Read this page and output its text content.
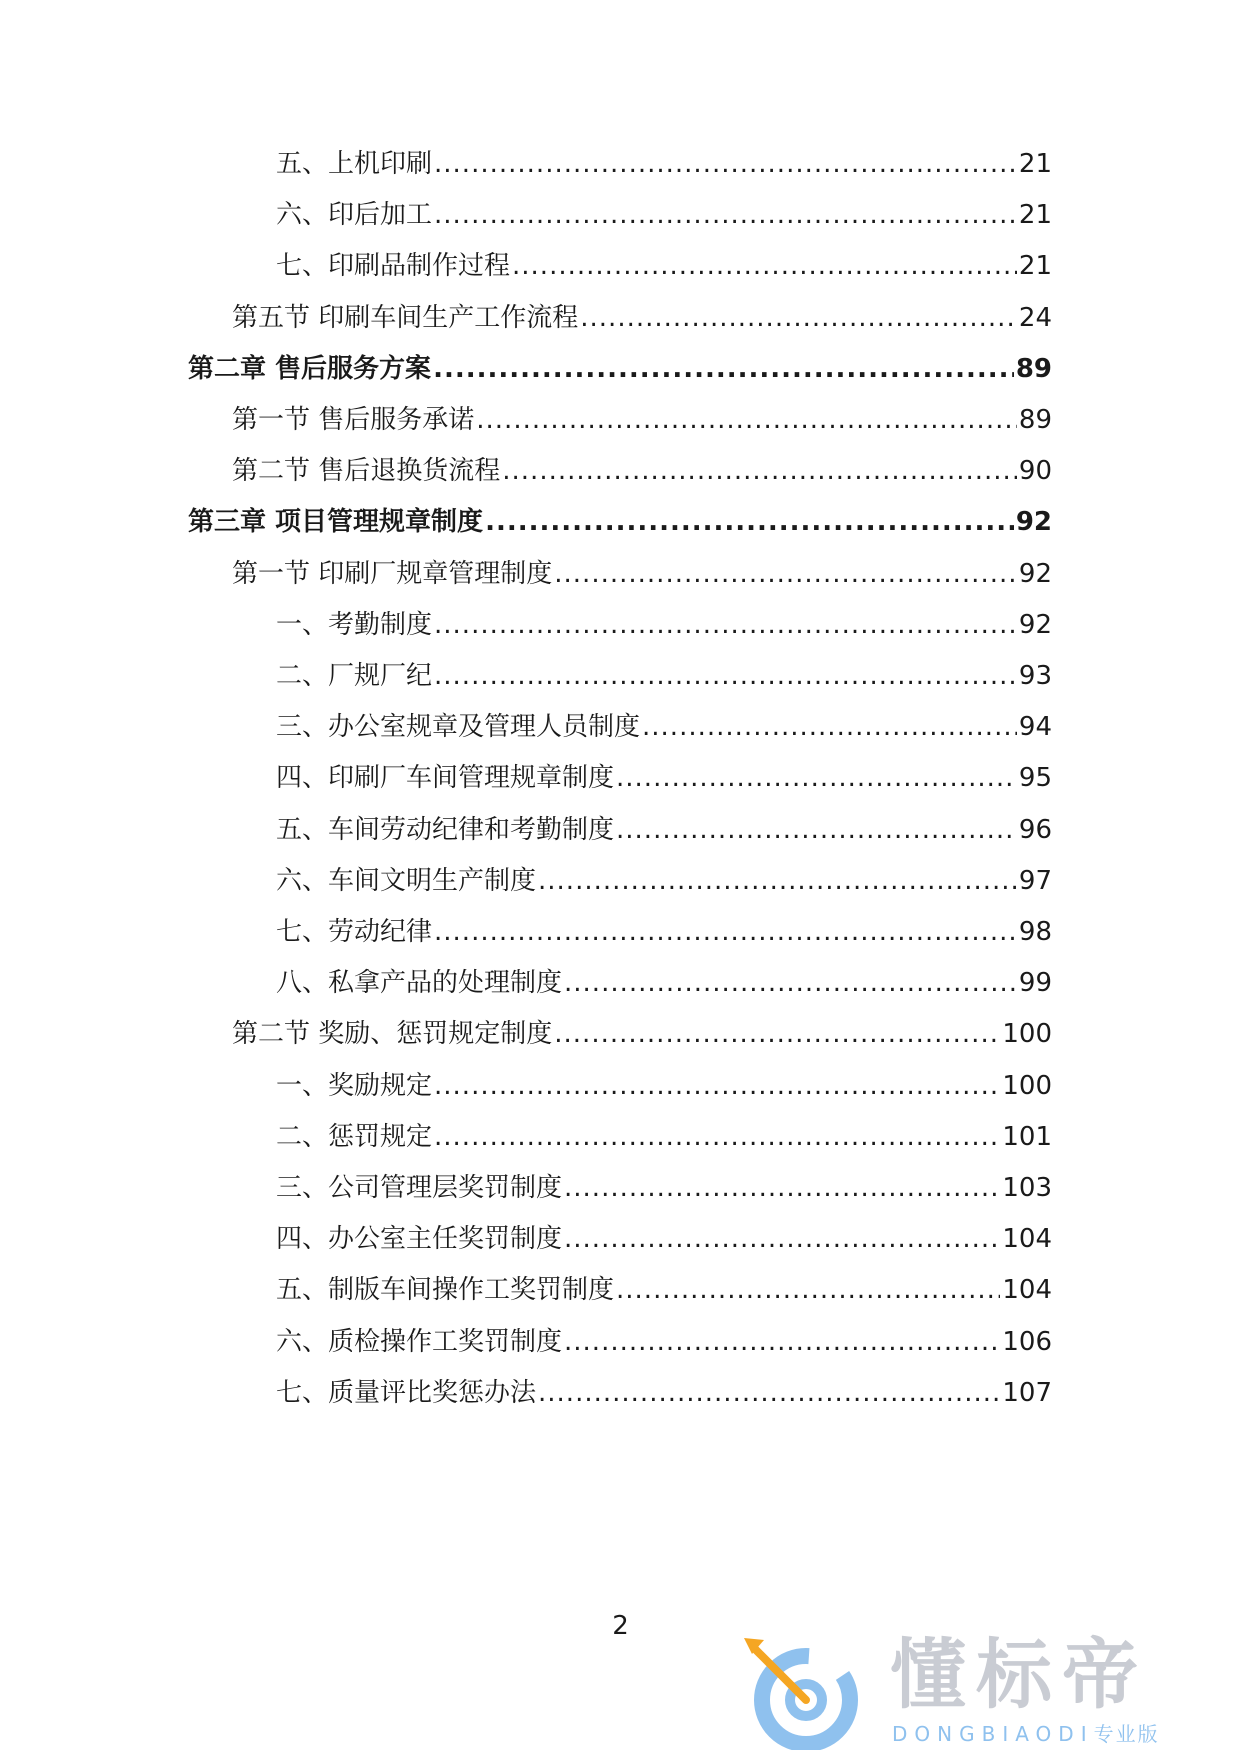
五、上机印刷 .....	21
六、印后加工 .....	21
七、印刷品制作过程 .....	21
第五节 印刷车间生产工作流程 .....	24
第二章 售后服务方案 .....	89
第一节 售后服务承诺 .....	89
第二节 售后退换货流程 .....	90
第三章 项目管理规章制度 .....	92
第一节 印刷厂规章管理制度 .....	92
一、考勤制度 .....	92
二、厂规厂纪 .....	93
三、办公室规章及管理人员制度 .....	94
四、印刷厂车间管理规章制度 .....	95
五、车间劳动纪律和考勤制度 .....	96
六、车间文明生产制度 .....	97
七、劳动纪律 .....	98
八、私拿产品的处理制度 .....	99
第二节 奖励、惩罚规定制度 .....	100
一、奖励规定 .....	100
二、惩罚规定 .....	101
三、公司管理层奖罚制度 .....	103
四、办公室主任奖罚制度 .....	104
五、制版车间操作工奖罚制度 .....	104
六、质检操作工奖罚制度 .....	106
七、质量评比奖惩办法 .....	107
2
懂标帝
DONGBIAODI专业版
